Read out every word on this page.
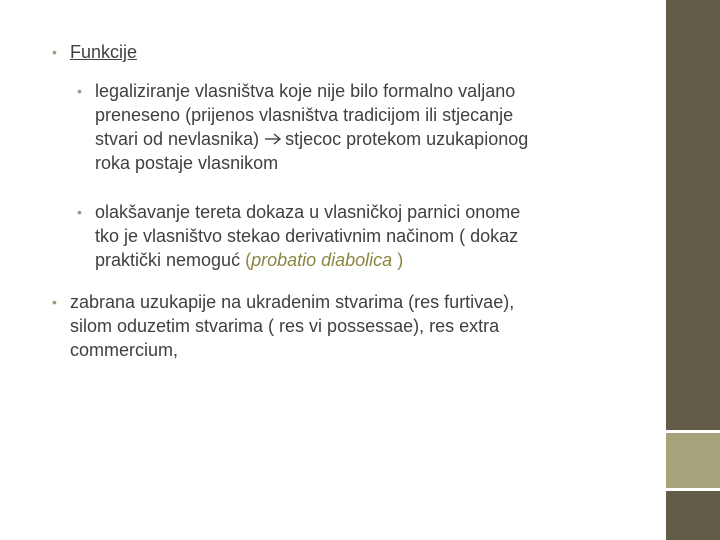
• Funkcije
• legaliziranje vlasništva koje nije bilo formalno valjano
preneseno (prijenos vlasništva tradicijom ili stjecanje
stvari od nevlasnika) stjecoc protekom uzukapionog
roka postaje vlasnikom
• olakšavanje tereta dokaza u vlasničkoj parnici onome
tko je vlasništvo stekao derivativnim načinom ( dokaz
praktički nemoguć (probatio diabolica )
• zabrana uzukapije na ukradenim stvarima (res furtivae),
silom oduzetim stvarima ( res vi possessae), res extra
commercium,
